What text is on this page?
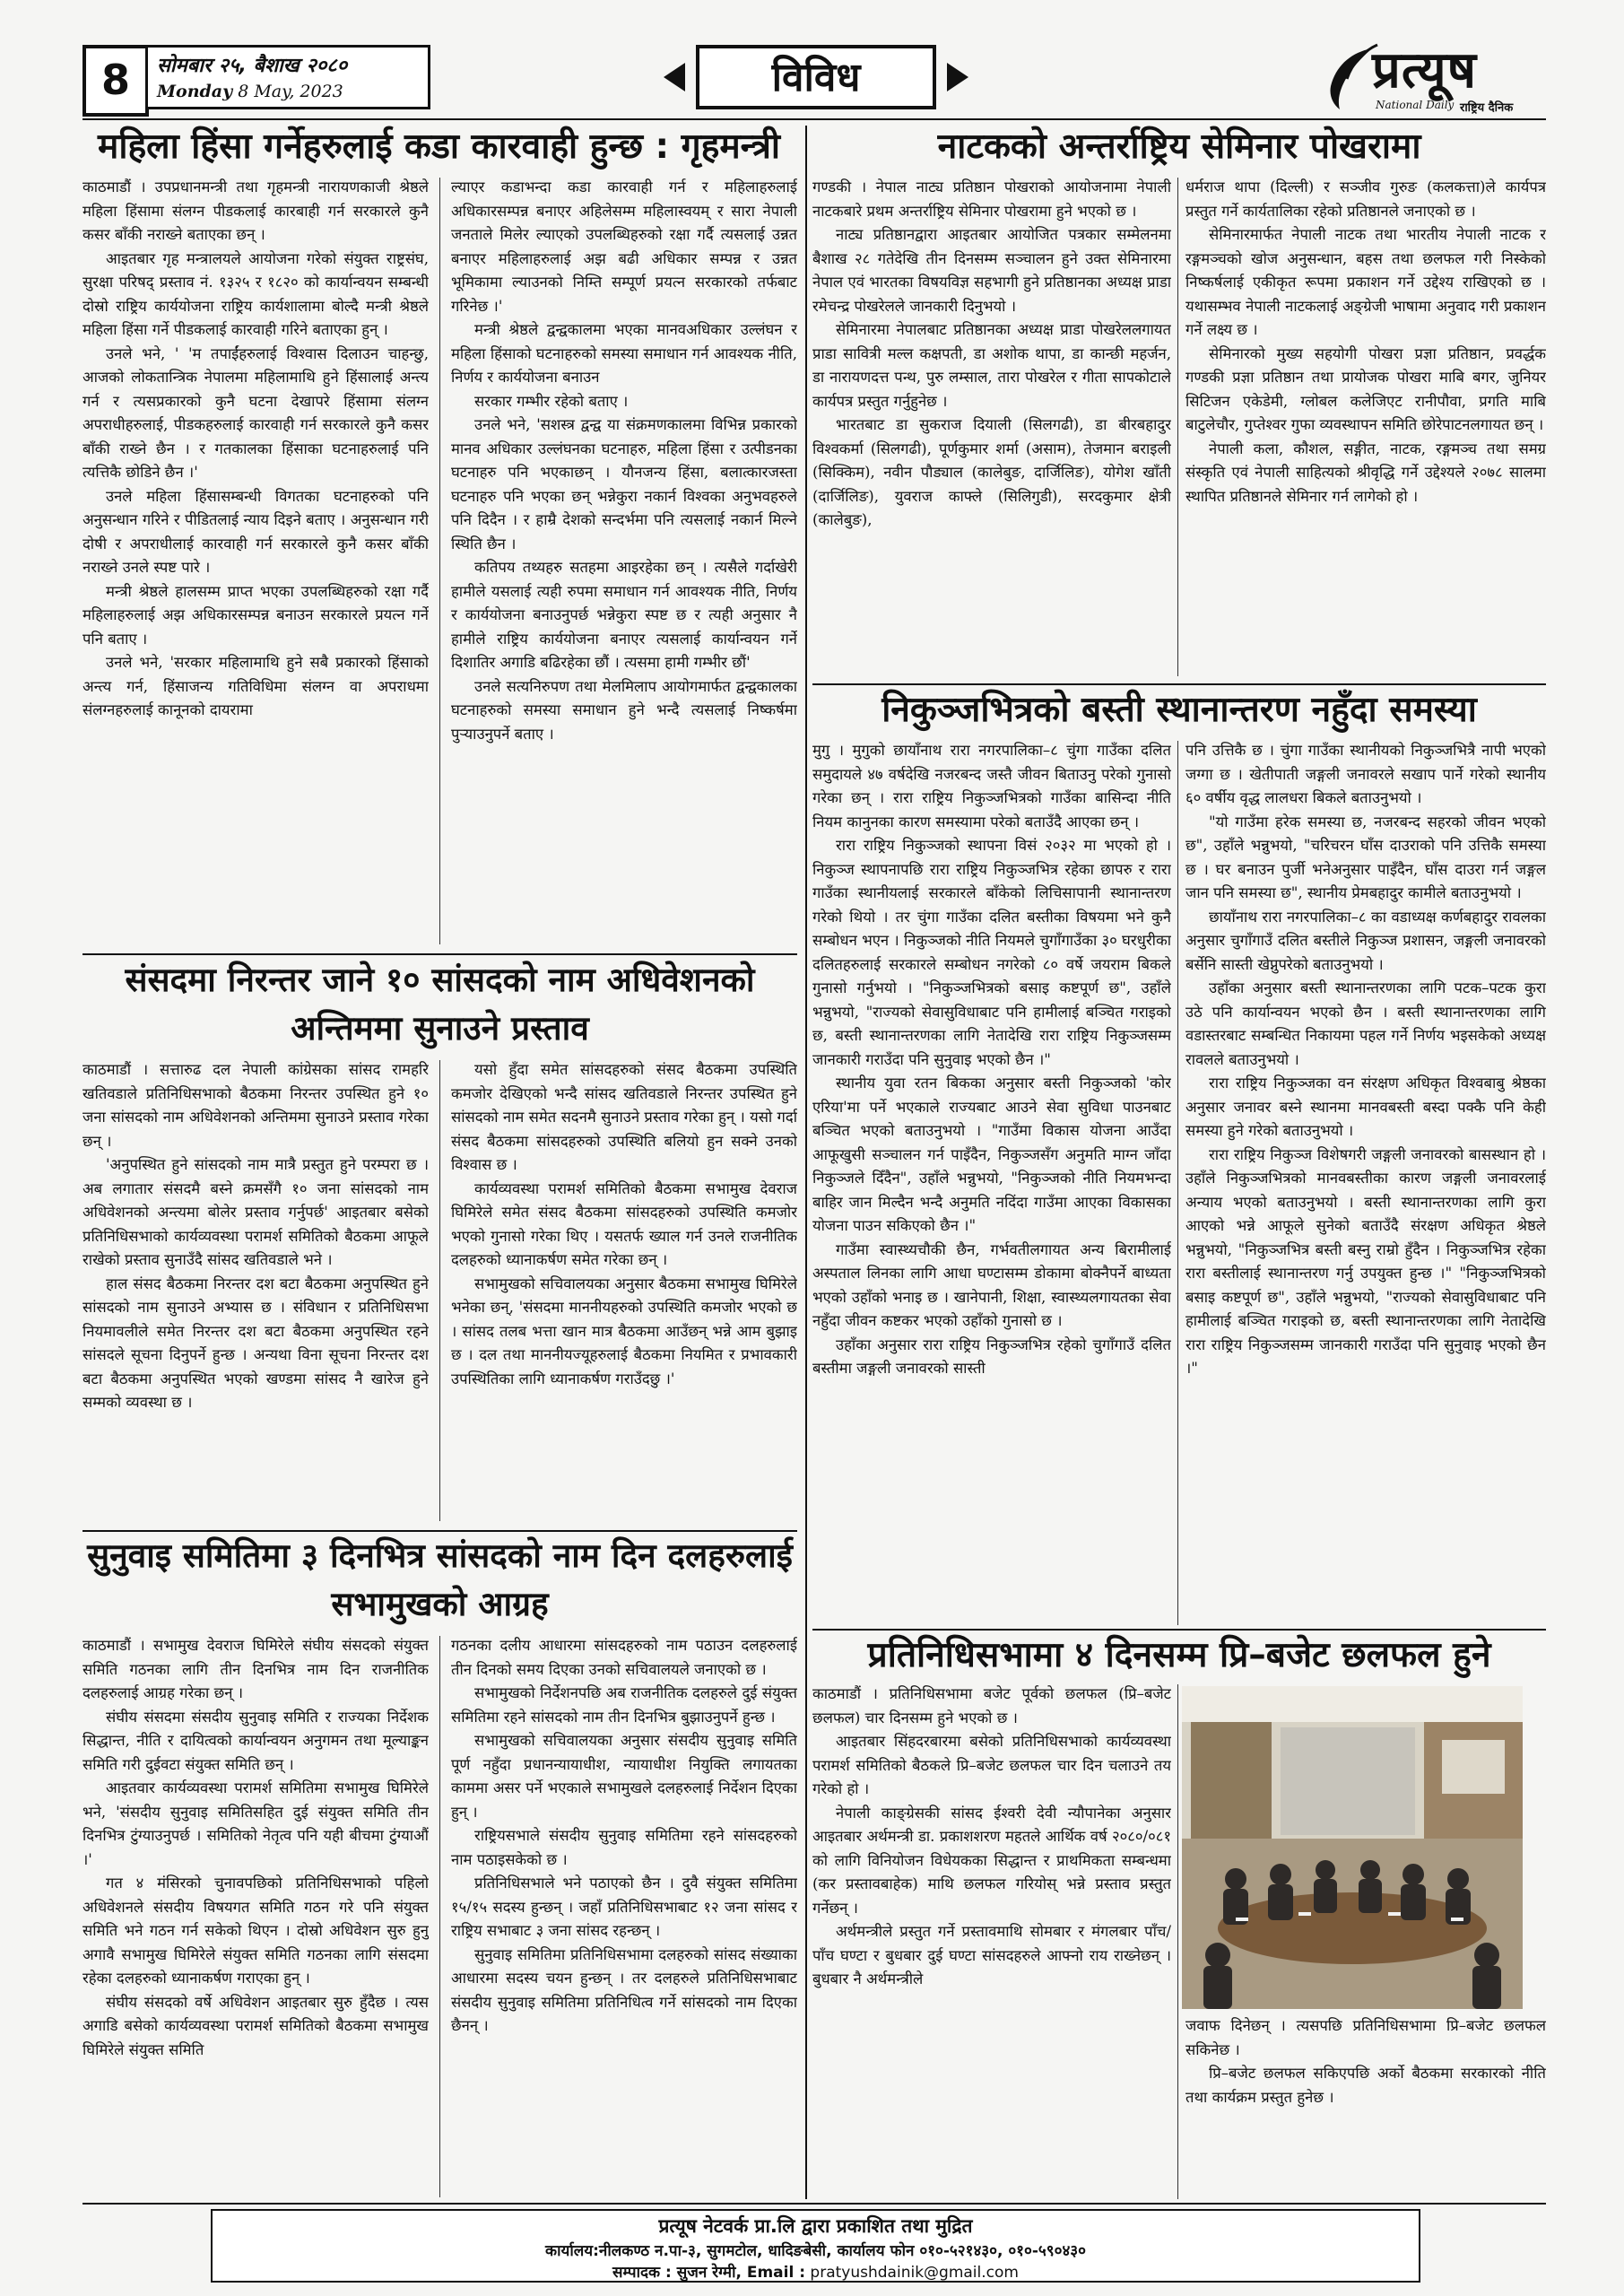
8	सोमबार २५, बैशाख २०८०
Monday 8 May, 2023	विविध	प्रत्यूष
National Daily राष्ट्रिय दैनिक
महिला हिंसा गर्नेहरुलाई कडा कारवाही हुन्छ : गृहमन्त्री

काठमाडौं । उपप्रधानमन्त्री तथा गृहमन्त्री नारायणकाजी श्रेष्ठले महिला हिंसामा संलग्न पीडकलाई कारबाही गर्न सरकारले कुनै कसर बाँकी नराख्ने बताएका छन् ।

आइतबार गृह मन्त्रालयले आयोजना गरेको संयुक्त राष्ट्रसंघ, सुरक्षा परिषद् प्रस्ताव नं. १३२५ र १८२० को कार्यान्वयन सम्बन्धी दोस्रो राष्ट्रिय कार्ययोजना राष्ट्रिय कार्यशालामा बोल्दै मन्त्री श्रेष्ठले महिला हिंसा गर्ने पीडकलाई कारवाही गरिने बताएका हुन् ।

उनले भने, ' 'म तपाईंहरुलाई विश्वास दिलाउन चाहन्छु, आजको लोकतान्त्रिक नेपालमा महिलामाथि हुने हिंसालाई अन्त्य गर्न र त्यसप्रकारको कुनै घटना देखापरे हिंसामा संलग्न अपराधीहरुलाई, पीडकहरुलाई कारवाही गर्न सरकारले कुनै कसर बाँकी राख्ने छैन । र गतकालका हिंसाका घटनाहरुलाई पनि त्यत्तिकै छोडिने छैन ।'

उनले महिला हिंसासम्बन्धी विगतका घटनाहरुको पनि अनुसन्धान गरिने र पीडितलाई न्याय दिइने बताए । अनुसन्धान गरी दोषी र अपराधीलाई कारवाही गर्न सरकारले कुनै कसर बाँकी नराख्ने उनले स्पष्ट पारे ।

मन्त्री श्रेष्ठले हालसम्म प्राप्त भएका उपलब्धिहरुको रक्षा गर्दै महिलाहरुलाई अझ अधिकारसम्पन्न बनाउन सरकारले प्रयत्न गर्ने पनि बताए ।

उनले भने, 'सरकार महिलामाथि हुने सबै प्रकारको हिंसाको अन्त्य गर्न, हिंसाजन्य गतिविधिमा संलग्न वा अपराधमा संलग्नहरुलाई कानूनको दायरामा

ल्याएर कडाभन्दा कडा कारवाही गर्न र महिलाहरुलाई अधिकारसम्पन्न बनाएर अहिलेसम्म महिलास्वयम् र सारा नेपाली जनताले मिलेर ल्याएको उपलब्धिहरुको रक्षा गर्दै त्यसलाई उन्नत बनाएर महिलाहरुलाई अझ बढी अधिकार सम्पन्न र उन्नत भूमिकामा ल्याउनको निम्ति सम्पूर्ण प्रयत्न सरकारको तर्फबाट गरिनेछ ।'

मन्त्री श्रेष्ठले द्वन्द्वकालमा भएका मानवअधिकार उल्लंघन र महिला हिंसाको घटनाहरुको समस्या समाधान गर्न आवश्यक नीति, निर्णय र कार्ययोजना बनाउन

सरकार गम्भीर रहेको बताए ।

उनले भने, 'सशस्त्र द्वन्द्व या संक्रमणकालमा विभिन्न प्रकारको मानव अधिकार उल्लंघनका घटनाहरु, महिला हिंसा र उत्पीडनका घटनाहरु पनि भएकाछन् । यौनजन्य हिंसा, बलात्कारजस्ता घटनाहरु पनि भएका छन् भन्नेकुरा नकार्न विश्वका अनुभवहरुले पनि दिदैन । र हाम्रै देशको सन्दर्भमा पनि त्यसलाई नकार्न मिल्ने स्थिति छैन ।

कतिपय तथ्यहरु सतहमा आइरहेका छन् । त्यसैले गर्दाखेरी हामीले यसलाई त्यही रुपमा समाधान गर्न आवश्यक नीति, निर्णय र कार्ययोजना बनाउनुपर्छ भन्नेकुरा स्पष्ट छ र त्यही अनुसार नै हामीले राष्ट्रिय कार्ययोजना बनाएर त्यसलाई कार्यान्वयन गर्ने दिशातिर अगाडि बढिरहेका छौं । त्यसमा हामी गम्भीर छौं'

उनले सत्यनिरुपण तथा मेलमिलाप आयोगमार्फत द्वन्द्वकालका घटनाहरुको समस्या समाधान हुने भन्दै त्यसलाई निष्कर्षमा पुऱ्याउनुपर्ने बताए ।

संसदमा निरन्तर जाने १० सांसदको नाम अधिवेशनको
अन्तिममा सुनाउने प्रस्ताव

काठमाडौं । सत्तारुढ दल नेपाली कांग्रेसका सांसद रामहरि खतिवडाले प्रतिनिधिसभाको बैठकमा निरन्तर उपस्थित हुने १० जना सांसदको नाम अधिवेशनको अन्तिममा सुनाउने प्रस्ताव गरेका छन् ।

'अनुपस्थित हुने सांसदको नाम मात्रै प्रस्तुत हुने परम्परा छ । अब लगातार संसदमै बस्ने क्रमसँगै १० जना सांसदको नाम अधिवेशनको अन्त्यमा बोलेर प्रस्ताव गर्नुपर्छ' आइतबार बसेको प्रतिनिधिसभाको कार्यव्यवस्था परामर्श समितिको बैठकमा आफूले राखेको प्रस्ताव सुनाउँदै सांसद खतिवडाले भने ।

हाल संसद बैठकमा निरन्तर दश बटा बैठकमा अनुपस्थित हुने सांसदको नाम सुनाउने अभ्यास छ । संविधान र प्रतिनिधिसभा नियमावलीले समेत निरन्तर दश बटा बैठकमा अनुपस्थित रहने सांसदले सूचना दिनुपर्ने हुन्छ । अन्यथा विना सूचना निरन्तर दश बटा बैठकमा अनुपस्थित भएको खण्डमा सांसद नै खारेज हुने सम्मको व्यवस्था छ ।

यसो हुँदा समेत सांसदहरुको संसद बैठकमा उपस्थिति कमजोर देखिएको भन्दै सांसद खतिवडाले निरन्तर उपस्थित हुने सांसदको नाम समेत सदनमै सुनाउने प्रस्ताव गरेका हुन् । यसो गर्दा संसद बैठकमा सांसदहरुको उपस्थिति बलियो हुन सक्ने उनको विश्वास छ ।

कार्यव्यवस्था परामर्श समितिको बैठकमा सभामुख देवराज घिमिरेले समेत संसद बैठकमा सांसदहरुको उपस्थिति कमजोर भएको गुनासो गरेका थिए । यसतर्फ ख्याल गर्न उनले राजनीतिक दलहरुको ध्यानाकर्षण समेत गरेका छन् ।

सभामुखको सचिवालयका अनुसार बैठकमा सभामुख घिमिरेले भनेका छन्, 'संसदमा माननीयहरुको उपस्थिति कमजोर भएको छ । सांसद तलब भत्ता खान मात्र बैठकमा आउँछन् भन्ने आम बुझाइ छ । दल तथा माननीयज्यूहरुलाई बैठकमा नियमित र प्रभावकारी उपस्थितिका लागि ध्यानाकर्षण गराउँदछु ।'

सुनुवाइ समितिमा ३ दिनभित्र सांसदको नाम दिन दलहरुलाई
सभामुखको आग्रह

काठमाडौं । सभामुख देवराज घिमिरेले संघीय संसदको संयुक्त समिति गठनका लागि तीन दिनभित्र नाम दिन राजनीतिक दलहरुलाई आग्रह गरेका छन् ।

संघीय संसदमा संसदीय सुनुवाइ समिति र राज्यका निर्देशक सिद्धान्त, नीति र दायित्वको कार्यान्वयन अनुगमन तथा मूल्याङ्कन समिति गरी दुईवटा संयुक्त समिति छन् ।

आइतवार कार्यव्यवस्था परामर्श समितिमा सभामुख घिमिरेले भने, 'संसदीय सुनुवाइ समितिसहित दुई संयुक्त समिति तीन दिनभित्र टुंग्याउनुपर्छ । समितिको नेतृत्व पनि यही बीचमा टुंग्याऔं ।'

गत ४ मंसिरको चुनावपछिको प्रतिनिधिसभाको पहिलो अधिवेशनले संसदीय विषयगत समिति गठन गरे पनि संयुक्त समिति भने गठन गर्न सकेको थिएन । दोस्रो अधिवेशन सुरु हुनु अगावै सभामुख घिमिरेले संयुक्त समिति गठनका लागि संसदमा रहेका दलहरुको ध्यानाकर्षण गराएका हुन् ।

संघीय संसदको वर्षे अधिवेशन आइतबार सुरु हुँदैछ । त्यस अगाडि बसेको कार्यव्यवस्था परामर्श समितिको बैठकमा सभामुख घिमिरेले संयुक्त समिति

गठनका दलीय आधारमा सांसदहरुको नाम पठाउन दलहरुलाई तीन दिनको समय दिएका उनको सचिवालयले जनाएको छ ।

सभामुखको निर्देशनपछि अब राजनीतिक दलहरुले दुई संयुक्त समितिमा रहने सांसदको नाम तीन दिनभित्र बुझाउनुपर्ने हुन्छ ।

सभामुखको सचिवालयका अनुसार संसदीय सुनुवाइ समिति पूर्ण नहुँदा प्रधानन्यायाधीश, न्यायाधीश नियुक्ति लगायतका काममा असर पर्ने भएकाले सभामुखले दलहरुलाई निर्देशन दिएका हुन् ।

राष्ट्रियसभाले संसदीय सुनुवाइ समितिमा रहने सांसदहरुको नाम पठाइसकेको छ ।

प्रतिनिधिसभाले भने पठाएको छैन । दुवै संयुक्त समितिमा १५/१५ सदस्य हुन्छन् । जहाँ प्रतिनिधिसभाबाट १२ जना सांसद र राष्ट्रिय सभाबाट ३ जना सांसद रहन्छन् ।

सुनुवाइ समितिमा प्रतिनिधिसभामा दलहरुको सांसद संख्याका आधारमा सदस्य चयन हुन्छन् । तर दलहरुले प्रतिनिधिसभाबाट संसदीय सुनुवाइ समितिमा प्रतिनिधित्व गर्ने सांसदको नाम दिएका छैनन् ।

नाटकको अन्तर्राष्ट्रिय सेमिनार पोखरामा

गण्डकी । नेपाल नाट्य प्रतिष्ठान पोखराको आयोजनामा नेपाली नाटकबारे प्रथम अन्तर्राष्ट्रिय सेमिनार पोखरामा हुने भएको छ ।

नाट्य प्रतिष्ठानद्वारा आइतबार आयोजित पत्रकार सम्मेलनमा बैशाख २८ गतेदेखि तीन दिनसम्म सञ्चालन हुने उक्त सेमिनारमा नेपाल एवं भारतका विषयविज्ञ सहभागी हुने प्रतिष्ठानका अध्यक्ष प्राडा रमेचन्द्र पोखरेलले जानकारी दिनुभयो ।

सेमिनारमा नेपालबाट प्रतिष्ठानका अध्यक्ष प्राडा पोखरेललगायत प्राडा सावित्री मल्ल कक्षपती, डा अशोक थापा, डा कान्छी महर्जन, डा नारायणदत्त पन्थ, पुरु लम्साल, तारा पोखरेल र गीता सापकोटाले कार्यपत्र प्रस्तुत गर्नुहुनेछ ।

भारतबाट डा सुकराज दियाली (सिलगढी), डा बीरबहादुर विश्वकर्मा (सिलगढी), पूर्णकुमार शर्मा (असाम), तेजमान बराइली (सिक्किम), नवीन पौड्याल (कालेबुङ, दार्जिलिङ), योगेश खाँती (दार्जिलिङ), युवराज काफ्ले (सिलिगुडी), सरदकुमार क्षेत्री (कालेबुङ),

धर्मराज थापा (दिल्ली) र सञ्जीव गुरुङ (कलकत्ता)ले कार्यपत्र प्रस्तुत गर्ने कार्यतालिका रहेको प्रतिष्ठानले जनाएको छ ।

सेमिनारमार्फत नेपाली नाटक तथा भारतीय नेपाली नाटक र रङ्गमञ्चको खोज अनुसन्धान, बहस तथा छलफल गरी निस्केको निष्कर्षलाई एकीकृत रूपमा प्रकाशन गर्ने उद्देश्य राखिएको छ । यथासम्भव नेपाली नाटकलाई अङ्ग्रेजी भाषामा अनुवाद गरी प्रकाशन गर्ने लक्ष्य छ ।

सेमिनारको मुख्य सहयोगी पोखरा प्रज्ञा प्रतिष्ठान, प्रवर्द्धक गण्डकी प्रज्ञा प्रतिष्ठान तथा प्रायोजक पोखरा माबि बगर, जुनियर सिटिजन एकेडेमी, ग्लोबल कलेजिएट रानीपौवा, प्रगति माबि बाटुलेचौर, गुप्तेश्वर गुफा व्यवस्थापन समिति छोरेपाटनलगायत छन् ।

नेपाली कला, कौशल, सङ्गीत, नाटक, रङ्गमञ्च तथा समग्र संस्कृति एवं नेपाली साहित्यको श्रीवृद्धि गर्ने उद्देश्यले २०७८ सालमा स्थापित प्रतिष्ठानले सेमिनार गर्न लागेको हो ।

निकुञ्जभित्रको बस्ती स्थानान्तरण नहुँदा समस्या

मुगु । मुगुको छायाँनाथ रारा नगरपालिका–८ चुंगा गाउँका दलित समुदायले ४७ वर्षदेखि नजरबन्द जस्तै जीवन बिताउनु परेको गुनासो गरेका छन् । रारा राष्ट्रिय निकुञ्जभित्रको गाउँका बासिन्दा नीति नियम कानुनका कारण समस्यामा परेको बताउँदै आएका छन् ।

रारा राष्ट्रिय निकुञ्जको स्थापना विसं २०३२ मा भएको हो । निकुञ्ज स्थापनापछि रारा राष्ट्रिय निकुञ्जभित्र रहेका छापरु र रारा गाउँका स्थानीयलाई सरकारले बाँकेको लिचिसापानी स्थानान्तरण गरेको थियो । तर चुंगा गाउँका दलित बस्तीका विषयमा भने कुनै सम्बोधन भएन । निकुञ्जको नीति नियमले चुगाँगाउँका ३० घरधुरीका दलितहरुलाई सरकारले सम्बोधन नगरेको ८० वर्षे जयराम बिकले गुनासो गर्नुभयो । "निकुञ्जभित्रको बसाइ कष्टपूर्ण छ", उहाँले भन्नुभयो, "राज्यको सेवासुविधाबाट पनि हामीलाई बञ्चित गराइको छ, बस्ती स्थानान्तरणका लागि नेतादेखि रारा राष्ट्रिय निकुञ्जसम्म जानकारी गराउँदा पनि सुनुवाइ भएको छैन ।"

स्थानीय युवा रतन बिकका अनुसार बस्ती निकुञ्जको 'कोर एरिया'मा पर्ने भएकाले राज्यबाट आउने सेवा सुविधा पाउनबाट बञ्चित भएको बताउनुभयो । "गाउँमा विकास योजना आउँदा आफूखुसी सञ्चालन गर्न पाइँदैन, निकुञ्जसँग अनुमति माग्न जाँदा निकुञ्जले दिँदैन", उहाँले भन्नुभयो, "निकुञ्जको नीति नियमभन्दा बाहिर जान मिल्दैन भन्दै अनुमति नदिंदा गाउँमा आएका विकासका योजना पाउन सकिएको छैन ।"

गाउँमा स्वास्थ्यचौकी छैन, गर्भवतीलगायत अन्य बिरामीलाई अस्पताल लिनका लागि आधा घण्टासम्म डोकामा बोक्नैपर्ने बाध्यता भएको उहाँको भनाइ छ । खानेपानी, शिक्षा, स्वास्थ्यलगायतका सेवा नहुँदा जीवन कष्टकर भएको उहाँको गुनासो छ ।

उहाँका अनुसार रारा राष्ट्रिय निकुञ्जभित्र रहेको चुगाँगाउँ दलित बस्तीमा जङ्गली जनावरको सास्ती

पनि उत्तिकै छ । चुंगा गाउँका स्थानीयको निकुञ्जभित्रै नापी भएको जग्गा छ । खेतीपाती जङ्गली जनावरले सखाप पार्ने गरेको स्थानीय ६० वर्षीय वृद्ध लालधरा बिकले बताउनुभयो ।

"यो गाउँमा हरेक समस्या छ, नजरबन्द सहरको जीवन भएको छ", उहाँले भन्नुभयो, "चरिचरन घाँस दाउराको पनि उत्तिकै समस्या छ । घर बनाउन पुर्जी भनेअनुसार पाइँदैन, घाँस दाउरा गर्न जङ्गल जान पनि समस्या छ", स्थानीय प्रेमबहादुर कामीले बताउनुभयो ।

छायाँनाथ रारा नगरपालिका–८ का वडाध्यक्ष कर्णबहादुर रावलका अनुसार चुगाँगाउँ दलित बस्तीले निकुञ्ज प्रशासन, जङ्गली जनावरको बर्सेनि सास्ती खेप्नुपरेको बताउनुभयो ।

उहाँका अनुसार बस्ती स्थानान्तरणका लागि पटक–पटक कुरा उठे पनि कार्यान्वयन भएको छैन । बस्ती स्थानान्तरणका लागि वडास्तरबाट सम्बन्धित निकायमा पहल गर्ने निर्णय भइसकेको अध्यक्ष रावलले बताउनुभयो ।

रारा राष्ट्रिय निकुञ्जका वन संरक्षण अधिकृत विश्वबाबु श्रेष्ठका अनुसार जनावर बस्ने स्थानमा मानवबस्ती बस्दा पक्कै पनि केही समस्या हुने गरेको बताउनुभयो ।

रारा राष्ट्रिय निकुञ्ज विशेषगरी जङ्गली जनावरको बासस्थान हो । उहाँले निकुञ्जभित्रको मानवबस्तीका कारण जङ्गली जनावरलाई अन्याय भएको बताउनुभयो । बस्ती स्थानान्तरणका लागि कुरा आएको भन्ने आफूले सुनेको बताउँदै संरक्षण अधिकृत श्रेष्ठले भन्नुभयो, "निकुञ्जभित्र बस्ती बस्नु राम्रो हुँदैन । निकुञ्जभित्र रहेका रारा बस्तीलाई स्थानान्तरण गर्नु उपयुक्त हुन्छ ।" "निकुञ्जभित्रको बसाइ कष्टपूर्ण छ", उहाँले भन्नुभयो, "राज्यको सेवासुविधाबाट पनि हामीलाई बञ्चित गराइको छ, बस्ती स्थानान्तरणका लागि नेतादेखि रारा राष्ट्रिय निकुञ्जसम्म जानकारी गराउँदा पनि सुनुवाइ भएको छैन ।"

प्रतिनिधिसभामा ४ दिनसम्म प्रि–बजेट छलफल हुने

काठमाडौं । प्रतिनिधिसभामा बजेट पूर्वको छलफल (प्रि–बजेट छलफल) चार दिनसम्म हुने भएको छ ।

आइतबार सिंहदरबारमा बसेको प्रतिनिधिसभाको कार्यव्यवस्था परामर्श समितिको बैठकले प्रि–बजेट छलफल चार दिन चलाउने तय गरेको हो ।

नेपाली काङ्ग्रेसकी सांसद ईश्वरी देवी न्यौपानेका अनुसार आइतबार अर्थमन्त्री डा. प्रकाशशरण महतले आर्थिक वर्ष २०८०/०८१ को लागि विनियोजन विधेयकका सिद्धान्त र प्राथमिकता सम्बन्धमा (कर प्रस्तावबाहेक) माथि छलफल गरियोस् भन्ने प्रस्ताव प्रस्तुत गर्नेछन् ।

अर्थमन्त्रीले प्रस्तुत गर्ने प्रस्तावमाथि सोमबार र मंगलबार पाँच/पाँच घण्टा र बुधबार दुई घण्टा सांसदहरुले आफ्नो राय राख्नेछन् । बुधबार नै अर्थमन्त्रीले

जवाफ दिनेछन् । त्यसपछि प्रतिनिधिसभामा प्रि–बजेट छलफल सकिनेछ ।

प्रि–बजेट छलफल सकिएपछि अर्को बैठकमा सरकारको नीति तथा कार्यक्रम प्रस्तुत हुनेछ ।

प्रत्यूष नेटवर्क प्रा.लि द्वारा प्रकाशित तथा मुद्रित
कार्यालय:नीलकण्ठ न.पा-३, सुगमटोल, धादिङबेसी, कार्यालय फोन ०१०-५२१४३०, ०१०-५९०४३०
सम्पादक : सुजन रेग्मी, Email : pratyushdainik@gmail.com
